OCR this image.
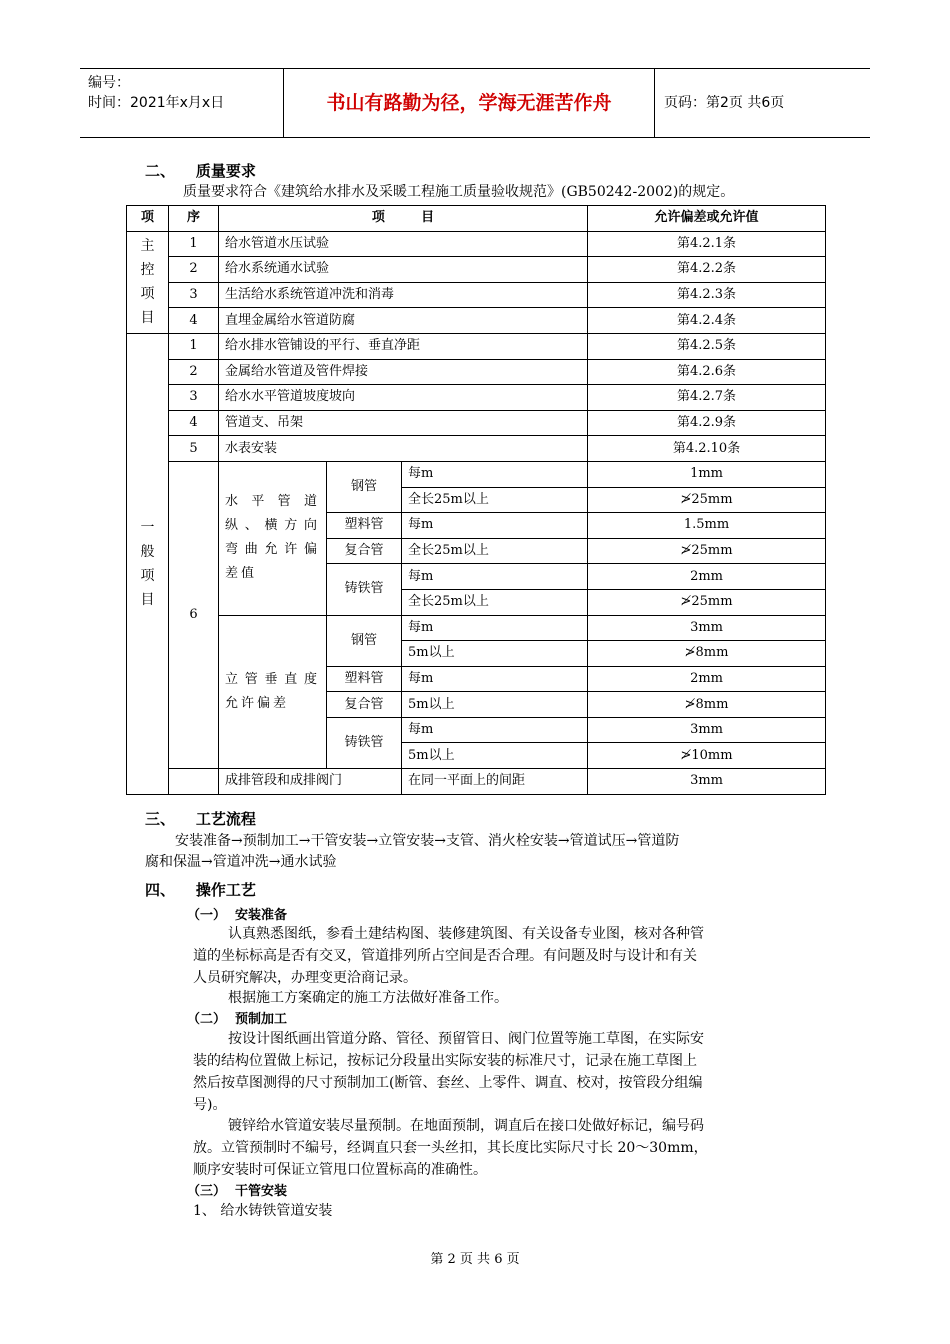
编号：
时间：2021年x月x日	书山有路勤为径，学海无涯苦作舟	页码：第2页 共6页
二、    质量要求
质量要求符合《建筑给水排水及采暖工程施工质量验收规范》(GB50242-2002)的规定。
项	序	项        目			允许偏差或允许值

主控项目	1	给水管道水压试验			第4.2.1条
	2	给水系统通水试验			第4.2.2条
	3	生活给水系统管道冲洗和消毒			第4.2.3条
	4	直埋金属给水管道防腐			第4.2.4条

一般项目	1	给水排水管铺设的平行、垂直净距			第4.2.5条
	2	金属给水管道及管件焊接			第4.2.6条
	3	给水水平管道坡度坡向			第4.2.7条
	4	管道支、吊架			第4.2.9条
	5	水表安装			第4.2.10条
	6	水平管道纵、横方向弯曲允许偏差值	钢管	每m	1mm
				全长25m以上	≯25mm
			塑料管	每m	1.5mm
			复合管	全长25m以上	≯25mm
			铸铁管	每m	2mm
				全长25m以上	≯25mm
		立管垂直度允许偏差	钢管	每m	3mm
				5m以上	≯8mm
			塑料管	每m	2mm
			复合管	5m以上	≯8mm
			铸铁管	每m	3mm
				5m以上	≯10mm
		成排管段和成排阀门		在同一平面上的间距	3mm
三、    工艺流程
安装准备→预制加工→干管安装→立管安装→支管、消火栓安装→管道试压→管道防
腐和保温→管道冲洗→通水试验
四、    操作工艺
（一）  安装准备
认真熟悉图纸，参看土建结构图、装修建筑图、有关设备专业图，核对各种管
道的坐标标高是否有交叉，管道排列所占空间是否合理。有问题及时与设计和有关
人员研究解决，办理变更洽商记录。
根据施工方案确定的施工方法做好准备工作。
（二）  预制加工
按设计图纸画出管道分路、管径、预留管日、阀门位置等施工草图，在实际安
装的结构位置做上标记，按标记分段量出实际安装的标准尺寸，记录在施工草图上
然后按草图测得的尺寸预制加工(断管、套丝、上零件、调直、校对，按管段分组编
号)。
镀锌给水管道安装尽量预制。在地面预制，调直后在接口处做好标记，编号码
放。立管预制时不编号，经调直只套一头丝扣，其长度比实际尺寸长 20～30mm，
顺序安装时可保证立管甩口位置标高的准确性。
（三）  干管安装
1、 给水铸铁管道安装
第 2 页 共 6 页
